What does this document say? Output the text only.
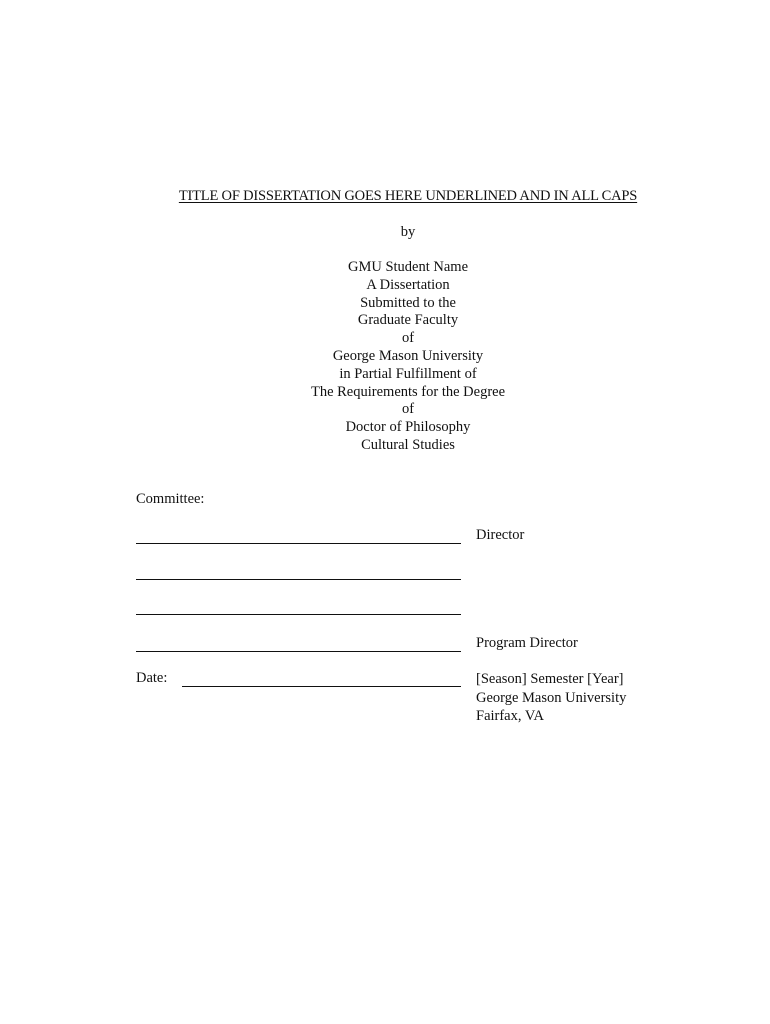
TITLE OF DISSERTATION GOES HERE UNDERLINED AND IN ALL CAPS
by
GMU Student Name
A Dissertation
Submitted to the
Graduate Faculty
of
George Mason University
in Partial Fulfillment of
The Requirements for the Degree
of
Doctor of Philosophy
Cultural Studies
Committee:
Director
Program Director
Date:	[Season] Semester [Year]
George Mason University
Fairfax, VA
